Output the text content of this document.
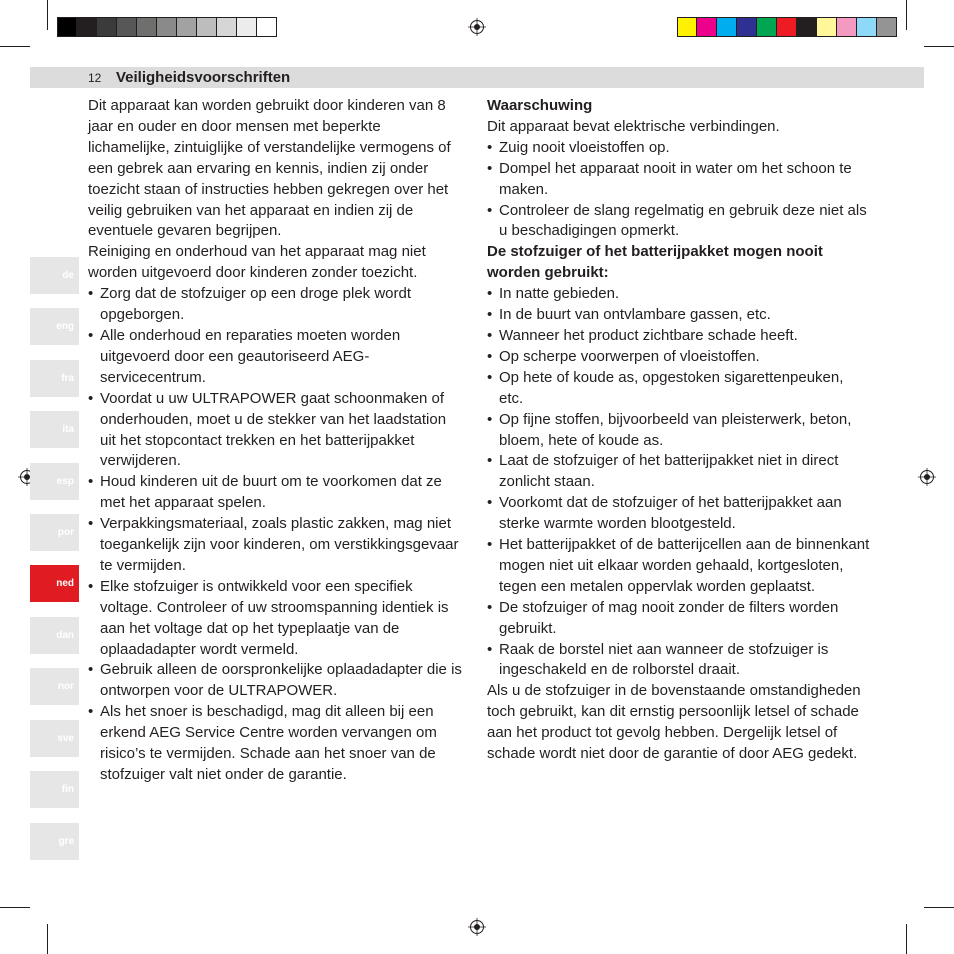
12 Veiligheidsvoorschriften
de
eng
fra
ita
esp
por
ned
dan
nor
sve
fin
gre

Dit apparaat kan worden gebruikt door kinderen van 8 jaar en ouder en door mensen met beperkte lichamelijke, zintuiglijke of verstandelijke vermogens of een gebrek aan ervaring en kennis, indien zij onder toezicht staan of instructies hebben gekregen over het veilig gebruiken van het apparaat en indien zij de eventuele gevaren begrijpen.

Reiniging en onderhoud van het apparaat mag niet worden uitgevoerd door kinderen zonder toezicht.

• Zorg dat de stofzuiger op een droge plek wordt opgeborgen.
• Alle onderhoud en reparaties moeten worden uitgevoerd door een geautoriseerd AEG-servicecentrum.
• Voordat u uw ULTRAPOWER gaat schoonmaken of onderhouden, moet u de stekker van het laadstation uit het stopcontact trekken en het batterijpakket verwijderen.
• Houd kinderen uit de buurt om te voorkomen dat ze met het apparaat spelen.
• Verpakkingsmateriaal, zoals plastic zakken, mag niet toegankelijk zijn voor kinderen, om verstikkingsgevaar te vermijden.
• Elke stofzuiger is ontwikkeld voor een specifiek voltage. Controleer of uw stroomspanning identiek is aan het voltage dat op het typeplaatje van de oplaadadapter wordt vermeld.
• Gebruik alleen de oorspronkelijke oplaadadapter die is ontworpen voor de ULTRAPOWER.
• Als het snoer is beschadigd, mag dit alleen bij een erkend AEG Service Centre worden vervangen om risico’s te vermijden. Schade aan het snoer van de stofzuiger valt niet onder de garantie.

Waarschuwing

Dit apparaat bevat elektrische verbindingen.

• Zuig nooit vloeistoffen op.
• Dompel het apparaat nooit in water om het schoon te maken.
• Controleer de slang regelmatig en gebruik deze niet als u beschadigingen opmerkt.

De stofzuiger of het batterijpakket mogen nooit worden gebruikt:

• In natte gebieden.
• In de buurt van ontvlambare gassen, etc.
• Wanneer het product zichtbare schade heeft.
• Op scherpe voorwerpen of vloeistoffen.
• Op hete of koude as, opgestoken sigarettenpeuken, etc.
• Op fijne stoffen, bijvoorbeeld van pleisterwerk, beton, bloem, hete of koude as.
• Laat de stofzuiger of het batterijpakket niet in direct zonlicht staan.
• Voorkomt dat de stofzuiger of het batterijpakket aan sterke warmte worden blootgesteld.
• Het batterijpakket of de batterijcellen aan de binnenkant mogen niet uit elkaar worden gehaald, kortgesloten, tegen een metalen oppervlak worden geplaatst.
• De stofzuiger of mag nooit zonder de filters worden gebruikt.
• Raak de borstel niet aan wanneer de stofzuiger is ingeschakeld en de rolborstel draait.

Als u de stofzuiger in de bovenstaande omstandigheden toch gebruikt, kan dit ernstig persoonlijk letsel of schade aan het product tot gevolg hebben. Dergelijk letsel of schade wordt niet door de garantie of door AEG gedekt.
